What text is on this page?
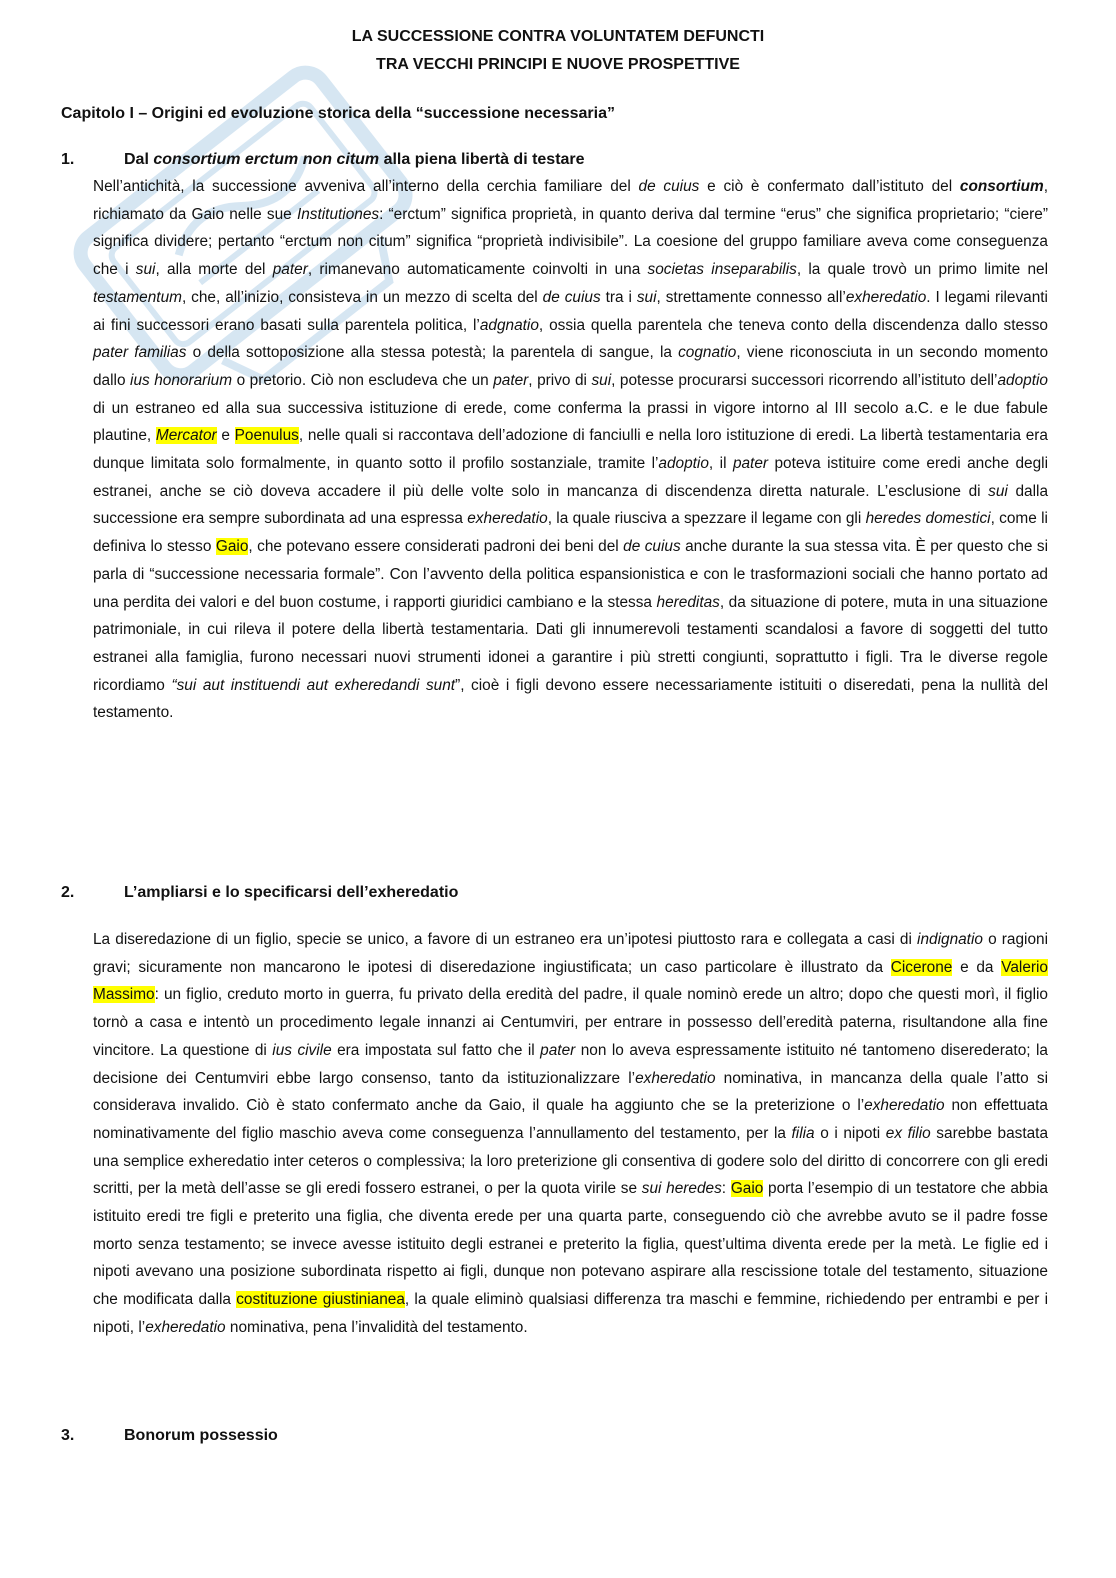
LA SUCCESSIONE CONTRA VOLUNTATEM DEFUNCTI
TRA VECCHI PRINCIPI E NUOVE PROSPETTIVE
Capitolo I – Origini ed evoluzione storica della “successione necessaria”
1.	Dal consortium erctum non citum alla piena libertà di testare
Nell’antichità, la successione avveniva all’interno della cerchia familiare del de cuius e ciò è confermato dall’istituto del consortium, richiamato da Gaio nelle sue Institutiones: “erctum” significa proprietà, in quanto deriva dal termine “erus” che significa proprietario; “ciere” significa dividere; pertanto “erctum non citum” significa “proprietà indivisibile”. La coesione del gruppo familiare aveva come conseguenza che i sui, alla morte del pater, rimanevano automaticamente coinvolti in una societas inseparabilis, la quale trovò un primo limite nel testamentum, che, all’inizio, consisteva in un mezzo di scelta del de cuius tra i sui, strettamente connesso all’exheredatio. I legami rilevanti ai fini successori erano basati sulla parentela politica, l’adgnatio, ossia quella parentela che teneva conto della discendenza dallo stesso pater familias o della sottoposizione alla stessa potestà; la parentela di sangue, la cognatio, viene riconosciuta in un secondo momento dallo ius honorarium o pretorio. Ciò non escludeva che un pater, privo di sui, potesse procurarsi successori ricorrendo all’istituto dell’adoptio di un estraneo ed alla sua successiva istituzione di erede, come conferma la prassi in vigore intorno al III secolo a.C. e le due fabule plautine, Mercator e Poenulus, nelle quali si raccontava dell’adozione di fanciulli e nella loro istituzione di eredi. La libertà testamentaria era dunque limitata solo formalmente, in quanto sotto il profilo sostanziale, tramite l’adoptio, il pater poteva istituire come eredi anche degli estranei, anche se ciò doveva accadere il più delle volte solo in mancanza di discendenza diretta naturale. L’esclusione di sui dalla successione era sempre subordinata ad una espressa exheredatio, la quale riusciva a spezzare il legame con gli heredes domestici, come li definiva lo stesso Gaio, che potevano essere considerati padroni dei beni del de cuius anche durante la sua stessa vita. È per questo che si parla di “successione necessaria formale”. Con l’avvento della politica espansionistica e con le trasformazioni sociali che hanno portato ad una perdita dei valori e del buon costume, i rapporti giuridici cambiano e la stessa hereditas, da situazione di potere, muta in una situazione patrimoniale, in cui rileva il potere della libertà testamentaria. Dati gli innumerevoli testamenti scandalosi a favore di soggetti del tutto estranei alla famiglia, furono necessari nuovi strumenti idonei a garantire i più stretti congiunti, soprattutto i figli. Tra le diverse regole ricordiamo “sui aut instituendi aut exheredandi sunt”, cioè i figli devono essere necessariamente istituiti o diseredati, pena la nullità del testamento.
2.	L’ampliarsi e lo specificarsi dell’exheredatio
La diseredazione di un figlio, specie se unico, a favore di un estraneo era un’ipotesi piuttosto rara e collegata a casi di indignatio o ragioni gravi; sicuramente non mancarono le ipotesi di diseredazione ingiustificata; un caso particolare è illustrato da Cicerone e da Valerio Massimo: un figlio, creduto morto in guerra, fu privato della eredità del padre, il quale nominò erede un altro; dopo che questi morì, il figlio tornò a casa e intentò un procedimento legale innanzi ai Centumviri, per entrare in possesso dell’eredità paterna, risultandone alla fine vincitore. La questione di ius civile era impostata sul fatto che il pater non lo aveva espressamente istituito né tantomeno diserederato; la decisione dei Centumviri ebbe largo consenso, tanto da istituzionalizzare l’exheredatio nominativa, in mancanza della quale l’atto si considerava invalido. Ciò è stato confermato anche da Gaio, il quale ha aggiunto che se la preterizione o l’exheredatio non effettuata nominativamente del figlio maschio aveva come conseguenza l’annullamento del testamento, per la filia o i nipoti ex filio sarebbe bastata una semplice exheredatio inter ceteros o complessiva; la loro preterizione gli consentiva di godere solo del diritto di concorrere con gli eredi scritti, per la metà dell’asse se gli eredi fossero estranei, o per la quota virile se sui heredes: Gaio porta l’esempio di un testatore che abbia istituito eredi tre figli e preterito una figlia, che diventa erede per una quarta parte, conseguendo ciò che avrebbe avuto se il padre fosse morto senza testamento; se invece avesse istituito degli estranei e preterito la figlia, quest’ultima diventa erede per la metà. Le figlie ed i nipoti avevano una posizione subordinata rispetto ai figli, dunque non potevano aspirare alla rescissione totale del testamento, situazione che modificata dalla costituzione giustinianea, la quale eliminò qualsiasi differenza tra maschi e femmine, richiedendo per entrambi e per i nipoti, l’exheredatio nominativa, pena l’invalidità del testamento.
3.	Bonorum possessio
